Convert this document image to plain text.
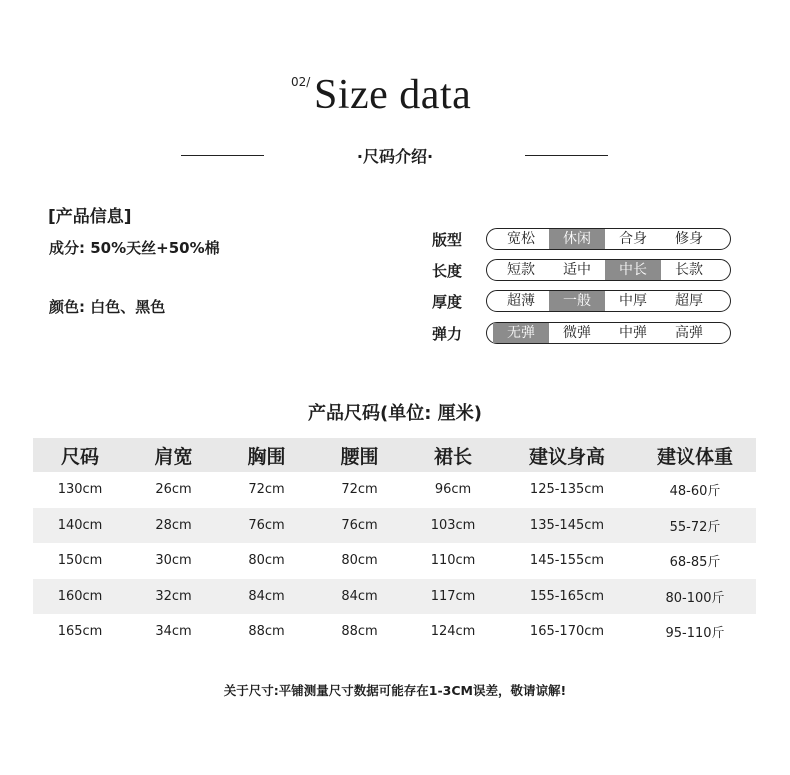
02/ Size data
·尺码介绍·
[产品信息]
成分: 50%天丝+50%棉
颜色: 白色、黑色
版型	宽松	休闲	合身	修身
长度	短款	适中	中长	长款
厚度	超薄	一般	中厚	超厚
弹力	无弹	微弹	中弹	高弹
产品尺码(单位: 厘米)
尺码	肩宽	胸围	腰围	裙长	建议身高	建议体重
130cm	26cm	72cm	72cm	96cm	125-135cm	48-60斤
140cm	28cm	76cm	76cm	103cm	135-145cm	55-72斤
150cm	30cm	80cm	80cm	110cm	145-155cm	68-85斤
160cm	32cm	84cm	84cm	117cm	155-165cm	80-100斤
165cm	34cm	88cm	88cm	124cm	165-170cm	95-110斤
关于尺寸:平铺测量尺寸数据可能存在1-3CM误差，敬请谅解!
